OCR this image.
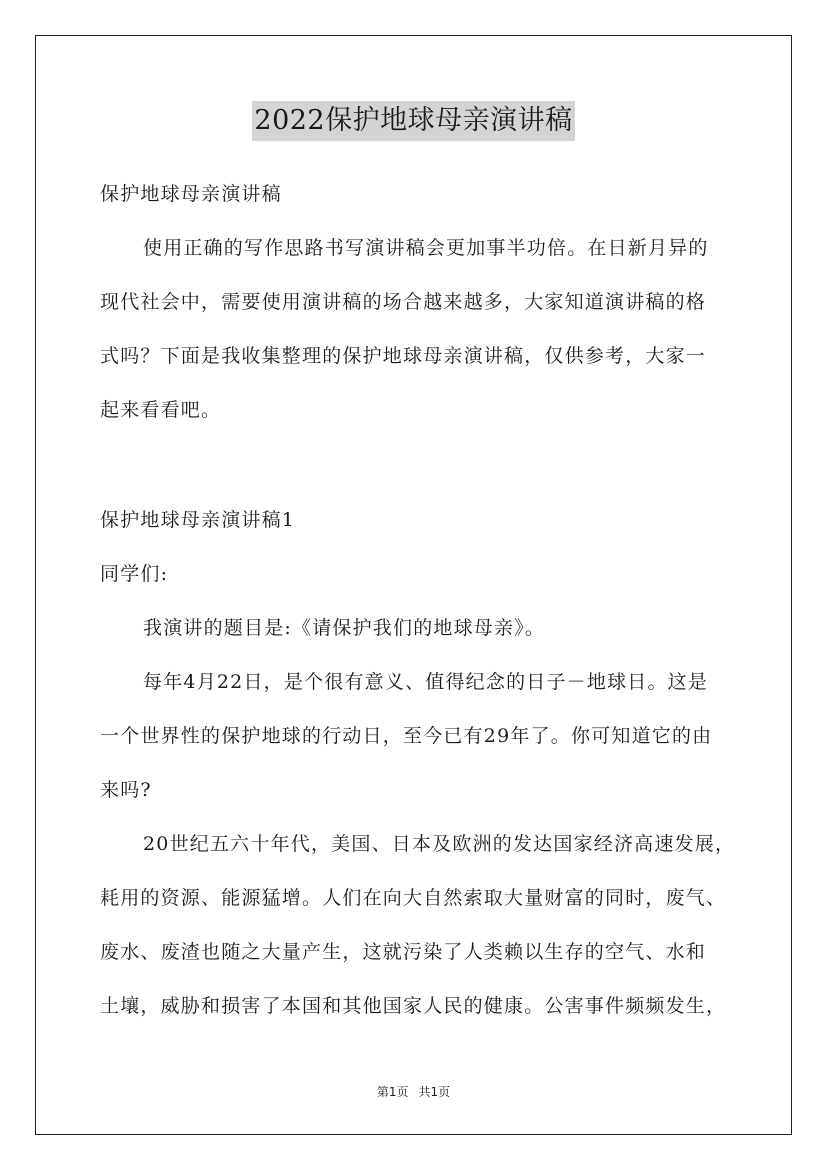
2022保护地球母亲演讲稿
保护地球母亲演讲稿
使用正确的写作思路书写演讲稿会更加事半功倍。在日新月异的
现代社会中，需要使用演讲稿的场合越来越多，大家知道演讲稿的格
式吗？下面是我收集整理的保护地球母亲演讲稿，仅供参考，大家一
起来看看吧。
保护地球母亲演讲稿1
同学们:
我演讲的题目是:《请保护我们的地球母亲》。
每年4月22日，是个很有意义、值得纪念的日子－地球日。这是
一个世界性的保护地球的行动日，至今已有29年了。你可知道它的由
来吗?
20世纪五六十年代，美国、日本及欧洲的发达国家经济高速发展，
耗用的资源、能源猛增。人们在向大自然索取大量财富的同时，废气、
废水、废渣也随之大量产生，这就污染了人类赖以生存的空气、水和
土壤，威胁和损害了本国和其他国家人民的健康。公害事件频频发生，
第1页 共1页
